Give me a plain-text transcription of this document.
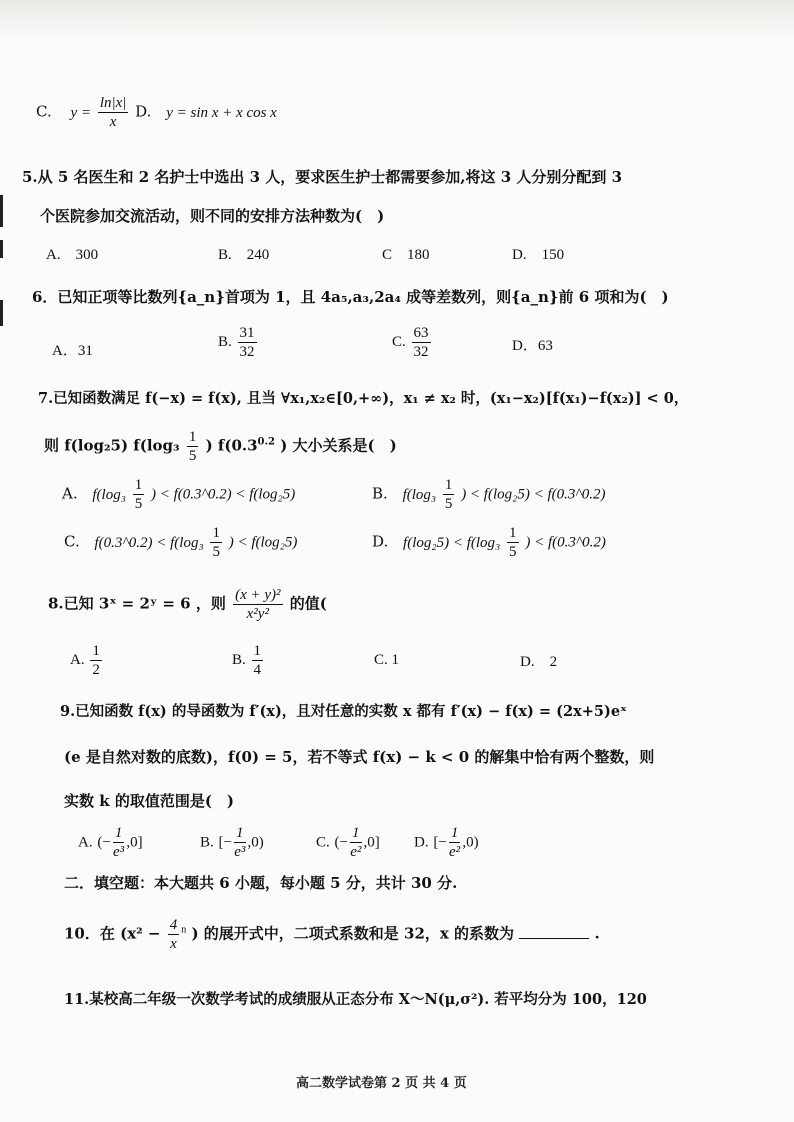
C. $y = \frac{\ln|x|}{x} D$. y = sin x + x cos x
5.从 5 名医生和 2 名护士中选出 3 人，要求医生护士都需要参加,将这 3 人分别分配到 3
个医院参加交流活动，则不同的安排方法种数为(　)
A.　300	B.　240	C　180	D.　150
6．已知正项等比数列{a_n}首项为 1，且 4a₅,a₃,2a₄ 成等差数列，则{a_n}前 6 项和为(　)
A．31
B. $\frac{31}{32}$	C. $\frac{63}{32}$	D．63
7.已知函数满足 f(−x) = f(x), 且当 ∀x₁,x₂∈[0,+∞)，x₁ ≠ x₂ 时，(x₁−x₂)[f(x₁)−f(x₂)] < 0，
则 f(log₂5) $f(\log_3 \frac{1}{5}$ ) $f(0.3^{0.2}$ ) 大小关系是(　)
A. $f(\log_3 \frac{1}{5}$ ) < f(0.3^0.2) < f(log₂5)	B. $f(\log_3 \frac{1}{5}$ ) < f(log₂5) < f(0.3^0.2)
C. f(0.3^0.2) < $f(\log_3 \frac{1}{5}$ ) < f(log₂5)	D. $f(\log_25) < f(\log_3 \frac{1}{5}$ ) < f(0.3^0.2)
8.已知 3ˣ = 2ʸ = 6 ，则 $\frac{\text{(x + y)²}}{\text{x²y²}}$ 的值(
A. $\frac{1}{2}$	B. $\frac{1}{4}$	C. 1	D.　2
9.已知函数 f(x) 的导函数为 f′(x)，且对任意的实数 x 都有 f′(x) − f(x) = (2x+5)eˣ
(e 是自然对数的底数)，f(0) = 5，若不等式 f(x) − k < 0 的解集中恰有两个整数，则
实数 k 的取值范围是(　)
A. (− $\frac{1}{\text{e³}} ,0$]	B. [− $\frac{1}{\text{e³}} ,0$)	C. (− $\frac{1}{\text{e²}} ,0$] D. [− $\frac{1}{\text{e²}} ,0$)
二．填空题：本大题共 6 小题，每小题 5 分，共计 30 分.
10．在 ($x^2 - \frac{4}{x} ^n$ ) 的展开式中，二项式系数和是 32，x 的系数为	.
11.某校高二年级一次数学考试的成绩服从正态分布 X～N(μ,σ²). 若平均分为 100，120
高二数学试卷第 2 页 共 4 页
